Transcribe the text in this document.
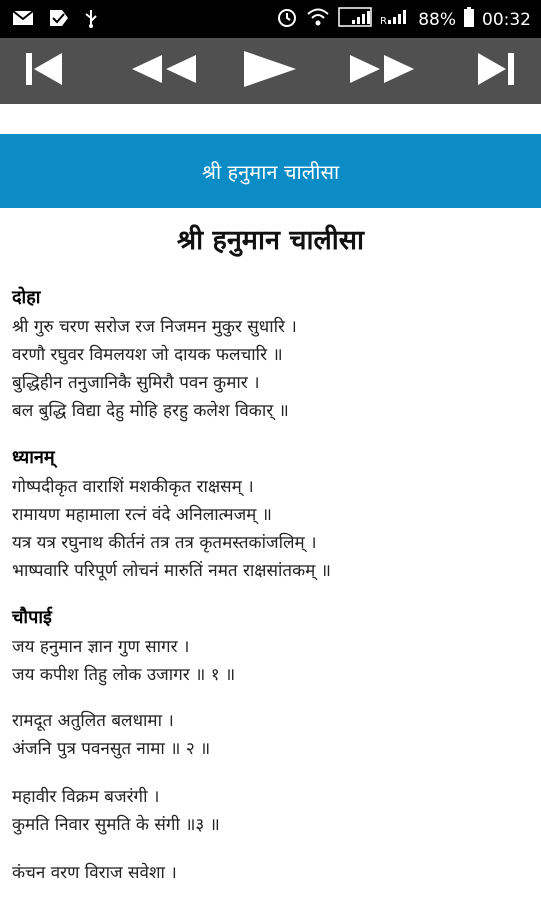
R 88% 00:32
श्री हनुमान चालीसा
श्री हनुमान चालीसा
दोहा
श्री गुरु चरण सरोज रज निजमन मुकुर सुधारि ।
वरणौ रघुवर विमलयश जो दायक फलचारि ॥
बुद्धिहीन तनुजानिकै सुमिरौ पवन कुमार ।
बल बुद्धि विद्या देहु मोहि हरहु कलेश विकार् ॥
ध्यानम्
गोष्पदीकृत वाराशिं मशकीकृत राक्षसम् ।
रामायण महामाला रत्नं वंदे अनिलात्मजम् ॥
यत्र यत्र रघुनाथ कीर्तनं तत्र तत्र कृतमस्तकांजलिम् ।
भाष्पवारि परिपूर्ण लोचनं मारुतिं नमत राक्षसांतकम् ॥
चौपाई
जय हनुमान ज्ञान गुण सागर ।
जय कपीश तिहु लोक उजागर ॥ १ ॥
रामदूत अतुलित बलधामा ।
अंजनि पुत्र पवनसुत नामा ॥ २ ॥
महावीर विक्रम बजरंगी ।
कुमति निवार सुमति के संगी ॥३ ॥
कंचन वरण विराज सवेशा ।
